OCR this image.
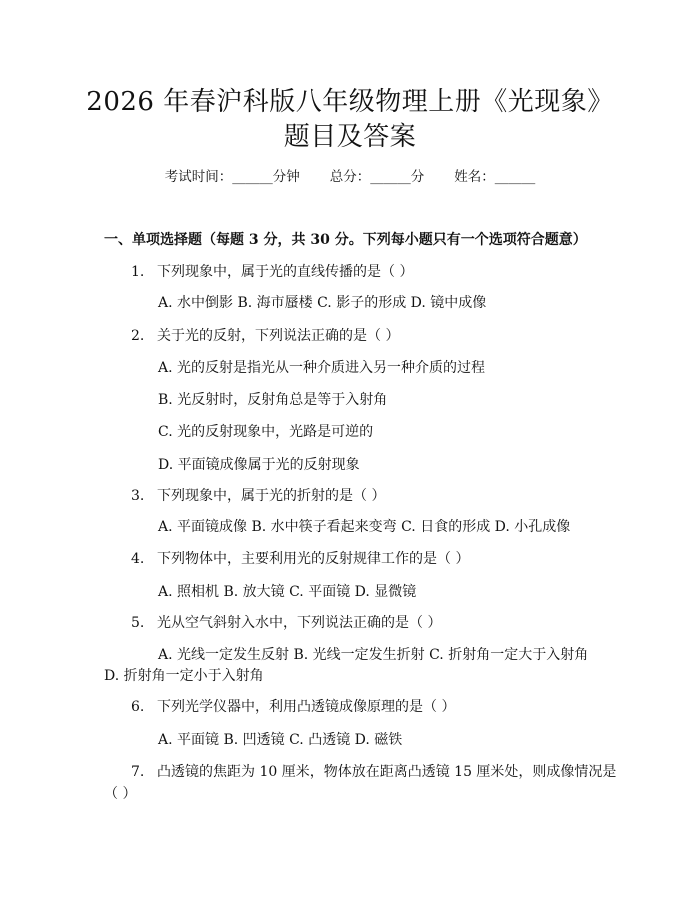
2026 年春沪科版八年级物理上册《光现象》
题目及答案
考试时间：______分钟 总分：______分 姓名：______
一、单项选择题（每题 3 分，共 30 分。下列每小题只有一个选项符合题意）
1. 下列现象中，属于光的直线传播的是（ ）
A. 水中倒影 B. 海市蜃楼 C. 影子的形成 D. 镜中成像
2. 关于光的反射，下列说法正确的是（ ）
A. 光的反射是指光从一种介质进入另一种介质的过程
B. 光反射时，反射角总是等于入射角
C. 光的反射现象中，光路是可逆的
D. 平面镜成像属于光的反射现象
3. 下列现象中，属于光的折射的是（ ）
A. 平面镜成像 B. 水中筷子看起来变弯 C. 日食的形成 D. 小孔成像
4. 下列物体中，主要利用光的反射规律工作的是（ ）
A. 照相机 B. 放大镜 C. 平面镜 D. 显微镜
5. 光从空气斜射入水中，下列说法正确的是（ ）
A. 光线一定发生反射 B. 光线一定发生折射 C. 折射角一定大于入射角
D. 折射角一定小于入射角
6. 下列光学仪器中，利用凸透镜成像原理的是（ ）
A. 平面镜 B. 凹透镜 C. 凸透镜 D. 磁铁
7. 凸透镜的焦距为 10 厘米，物体放在距离凸透镜 15 厘米处，则成像情况是
（ ）
